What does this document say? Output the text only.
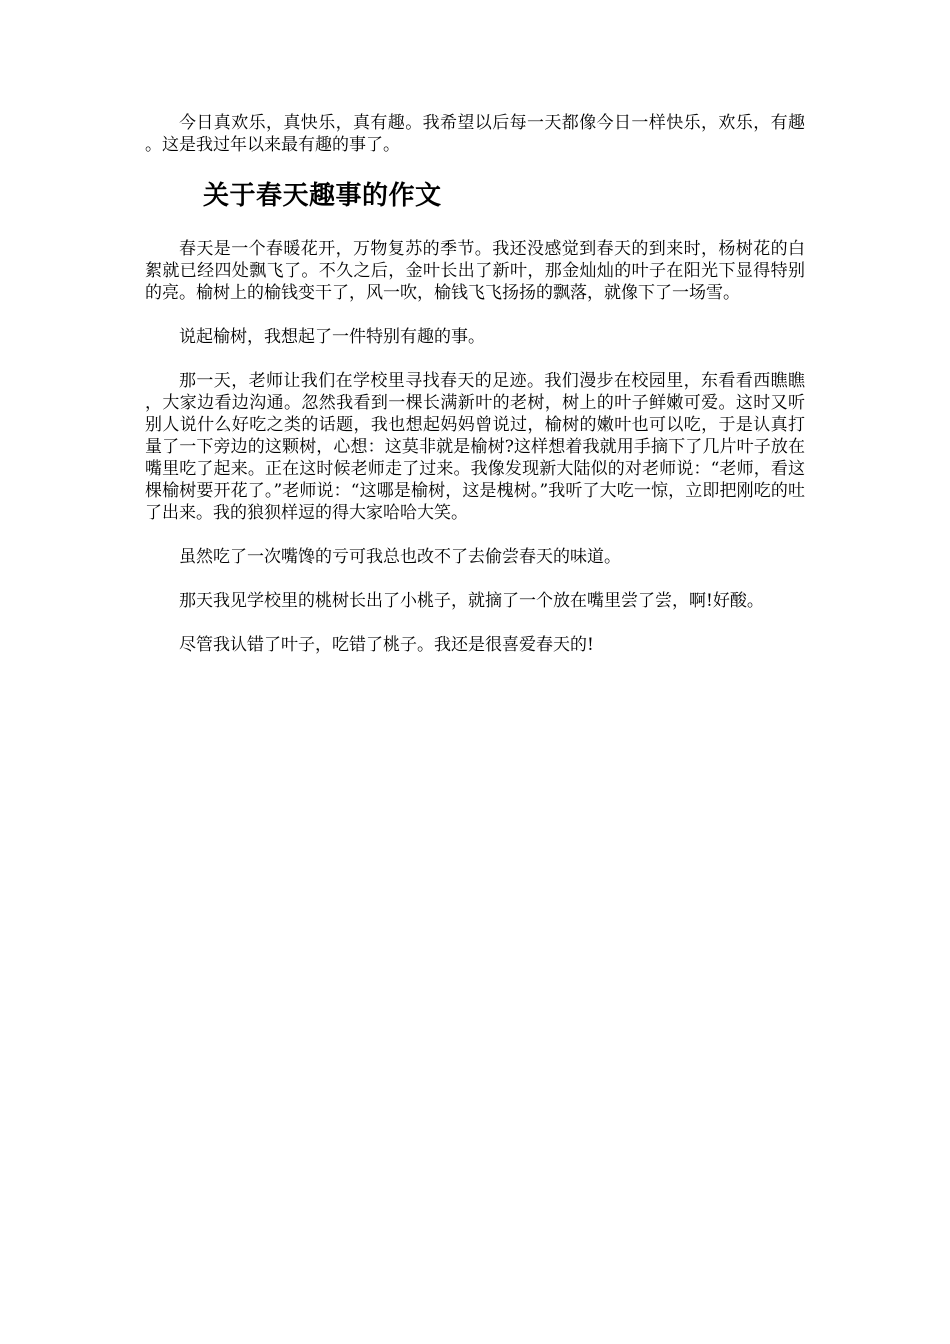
今日真欢乐，真快乐，真有趣。我希望以后每一天都像今日一样快乐，欢乐，有趣。这是我过年以来最有趣的事了。

关于春天趣事的作文

春天是一个春暖花开，万物复苏的季节。我还没感觉到春天的到来时，杨树花的白絮就已经四处飘飞了。不久之后，金叶长出了新叶，那金灿灿的叶子在阳光下显得特别的亮。榆树上的榆钱变干了，风一吹，榆钱飞飞扬扬的飘落，就像下了一场雪。

说起榆树，我想起了一件特别有趣的事。

那一天，老师让我们在学校里寻找春天的足迹。我们漫步在校园里，东看看西瞧瞧，大家边看边沟通。忽然我看到一棵长满新叶的老树，树上的叶子鲜嫩可爱。这时又听别人说什么好吃之类的话题，我也想起妈妈曾说过，榆树的嫩叶也可以吃，于是认真打量了一下旁边的这颗树，心想：这莫非就是榆树?这样想着我就用手摘下了几片叶子放在嘴里吃了起来。正在这时候老师走了过来。我像发现新大陆似的对老师说：“老师，看这棵榆树要开花了。”老师说：“这哪是榆树，这是槐树。”我听了大吃一惊，立即把刚吃的吐了出来。我的狼狈样逗的得大家哈哈大笑。

虽然吃了一次嘴馋的亏可我总也改不了去偷尝春天的味道。

那天我见学校里的桃树长出了小桃子，就摘了一个放在嘴里尝了尝，啊!好酸。

尽管我认错了叶子，吃错了桃子。我还是很喜爱春天的!
